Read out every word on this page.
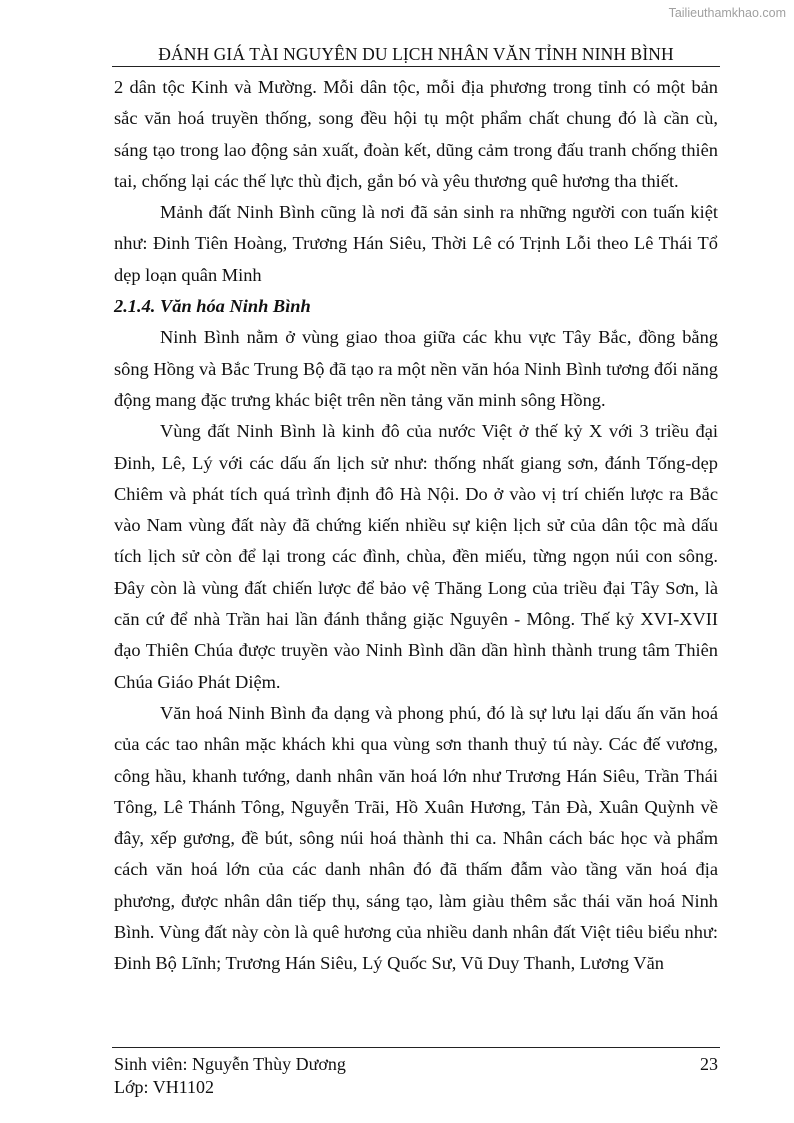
Tailieuthamkhao.com
ĐÁNH GIÁ TÀI NGUYÊN DU LỊCH NHÂN VĂN TỈNH NINH BÌNH

2 dân tộc Kinh và Mường. Mỗi dân tộc, mỗi địa phương trong tỉnh có một bản sắc văn hoá truyền thống, song đều hội tụ một phẩm chất chung đó là cần cù, sáng tạo trong lao động sản xuất, đoàn kết, dũng cảm trong đấu tranh chống thiên tai, chống lại các thế lực thù địch, gắn bó và yêu thương quê hương tha thiết.

Mảnh đất Ninh Bình cũng là nơi đã sản sinh ra những người con tuấn kiệt như: Đinh Tiên Hoàng, Trương Hán Siêu, Thời Lê có Trịnh Lỗi theo Lê Thái Tổ dẹp loạn quân Minh

2.1.4. Văn hóa Ninh Bình

Ninh Bình nằm ở vùng giao thoa giữa các khu vực Tây Bắc, đồng bằng sông Hồng và Bắc Trung Bộ đã tạo ra một nền văn hóa Ninh Bình tương đối năng động mang đặc trưng khác biệt trên nền tảng văn minh sông Hồng.

Vùng đất Ninh Bình là kinh đô của nước Việt ở thế kỷ X với 3 triều đại Đinh, Lê, Lý với các dấu ấn lịch sử như: thống nhất giang sơn, đánh Tống-dẹp Chiêm và phát tích quá trình định đô Hà Nội. Do ở vào vị trí chiến lược ra Bắc vào Nam vùng đất này đã chứng kiến nhiều sự kiện lịch sử của dân tộc mà dấu tích lịch sử còn để lại trong các đình, chùa, đền miếu, từng ngọn núi con sông. Đây còn là vùng đất chiến lược để bảo vệ Thăng Long của triều đại Tây Sơn, là căn cứ để nhà Trần hai lần đánh thắng giặc Nguyên - Mông. Thế kỷ XVI-XVII đạo Thiên Chúa được truyền vào Ninh Bình dần dần hình thành trung tâm Thiên Chúa Giáo Phát Diệm.

Văn hoá Ninh Bình đa dạng và phong phú, đó là sự lưu lại dấu ấn văn hoá của các tao nhân mặc khách khi qua vùng sơn thanh thuỷ tú này. Các đế vương, công hầu, khanh tướng, danh nhân văn hoá lớn như Trương Hán Siêu, Trần Thái Tông, Lê Thánh Tông, Nguyễn Trãi, Hồ Xuân Hương, Tản Đà, Xuân Quỳnh về đây, xếp gương, đề bút, sông núi hoá thành thi ca. Nhân cách bác học và phẩm cách văn hoá lớn của các danh nhân đó đã thấm đẫm vào tầng văn hoá địa phương, được nhân dân tiếp thụ, sáng tạo, làm giàu thêm sắc thái văn hoá Ninh Bình. Vùng đất này còn là quê hương của nhiều danh nhân đất Việt tiêu biểu như: Đinh Bộ Lĩnh; Trương Hán Siêu, Lý Quốc Sư, Vũ Duy Thanh, Lương Văn

Sinh viên: Nguyễn Thùy Dương
Lớp: VH1102
23
